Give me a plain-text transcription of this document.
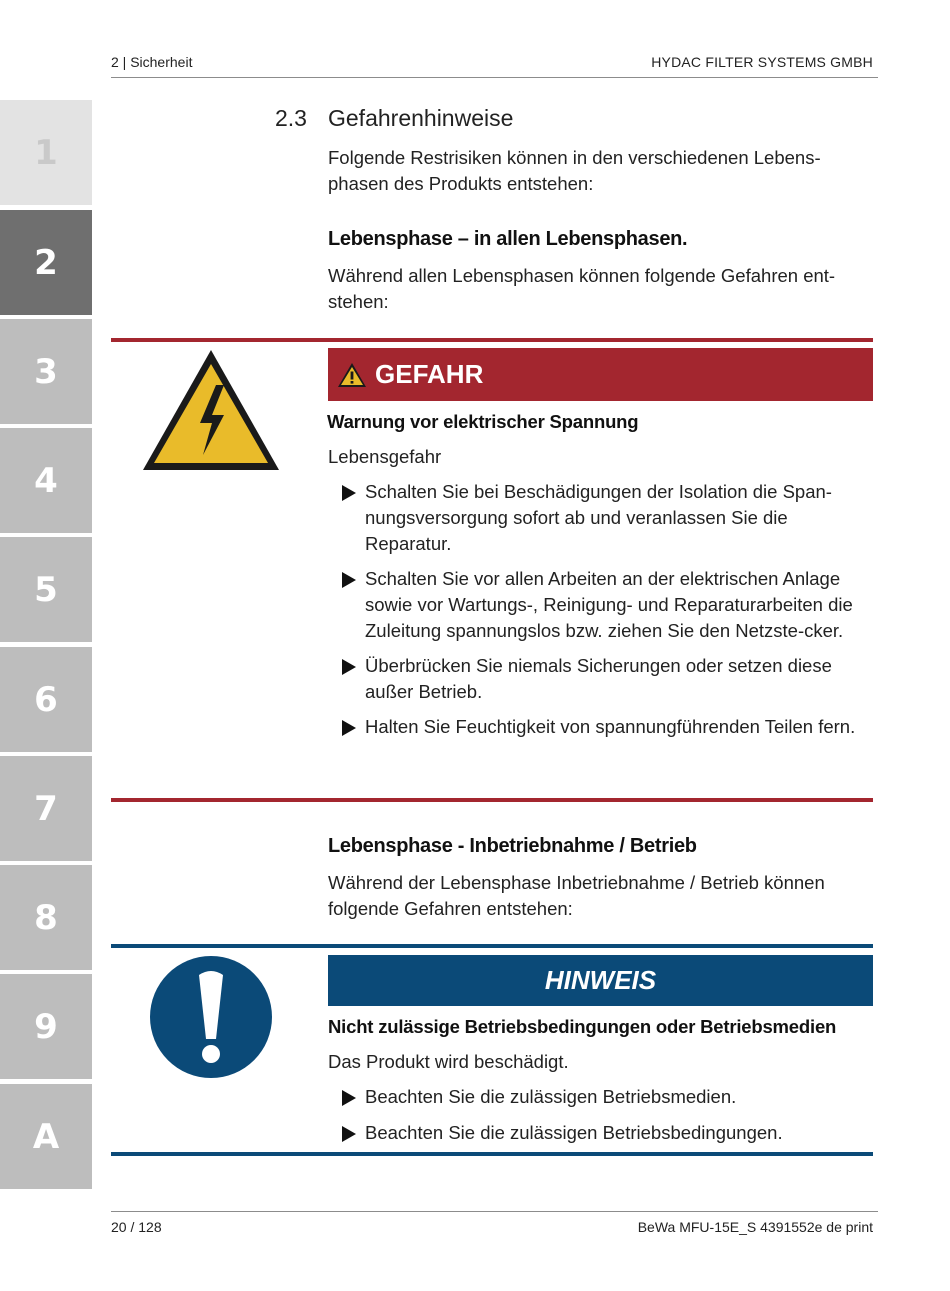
2 | Sicherheit	HYDAC FILTER SYSTEMS GMBH
1
2
3
4
5
6
7
8
9
A
2.3 Gefahrenhinweise
Folgende Restrisiken können in den verschiedenen Lebens-phasen des Produkts entstehen:
Lebensphase – in allen Lebensphasen.
Während allen Lebensphasen können folgende Gefahren ent-stehen:
GEFAHR
Warnung vor elektrischer Spannung
Lebensgefahr
Schalten Sie bei Beschädigungen der Isolation die Span-nungsversorgung sofort ab und veranlassen Sie die Reparatur.
Schalten Sie vor allen Arbeiten an der elektrischen Anlage sowie vor Wartungs-, Reinigung- und Reparaturarbeiten die Zuleitung spannungslos bzw. ziehen Sie den Netzste-cker.
Überbrücken Sie niemals Sicherungen oder setzen diese außer Betrieb.
Halten Sie Feuchtigkeit von spannungführenden Teilen fern.
Lebensphase - Inbetriebnahme / Betrieb
Während der Lebensphase Inbetriebnahme / Betrieb können folgende Gefahren entstehen:
HINWEIS
Nicht zulässige Betriebsbedingungen oder Betriebsmedien
Das Produkt wird beschädigt.
Beachten Sie die zulässigen Betriebsmedien.
Beachten Sie die zulässigen Betriebsbedingungen.
20 / 128	BeWa MFU-15E_S 4391552e de print
